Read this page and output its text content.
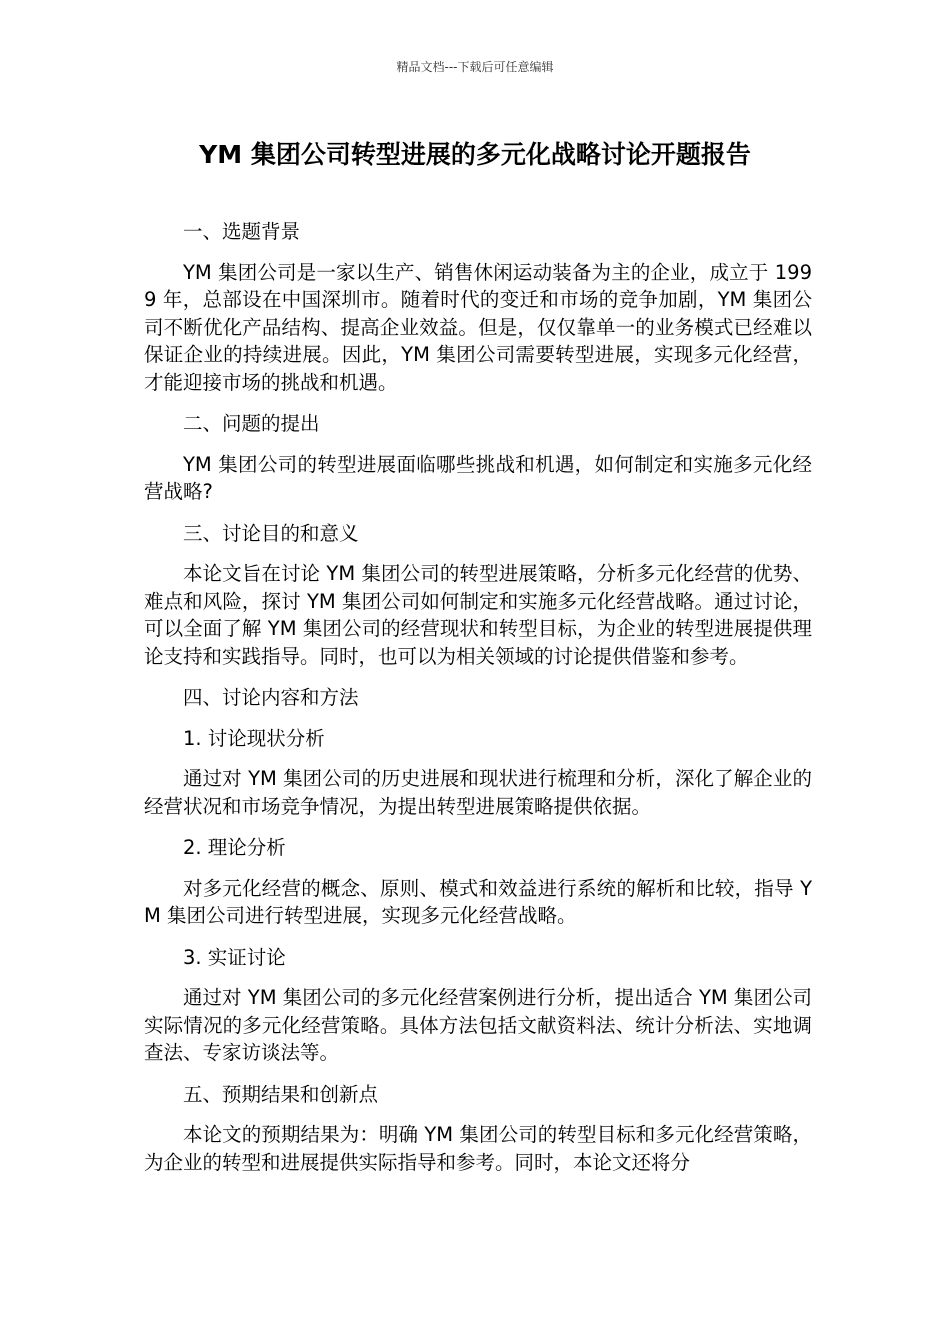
精品文档---下载后可任意编辑
YM 集团公司转型进展的多元化战略讨论开题报告

一、选题背景

YM 集团公司是一家以生产、销售休闲运动装备为主的企业，成立于 1999 年，总部设在中国深圳市。随着时代的变迁和市场的竞争加剧，YM 集团公司不断优化产品结构、提高企业效益。但是，仅仅靠单一的业务模式已经难以保证企业的持续进展。因此，YM 集团公司需要转型进展，实现多元化经营，才能迎接市场的挑战和机遇。

二、问题的提出

YM 集团公司的转型进展面临哪些挑战和机遇，如何制定和实施多元化经营战略?

三、讨论目的和意义

本论文旨在讨论 YM 集团公司的转型进展策略，分析多元化经营的优势、难点和风险，探讨 YM 集团公司如何制定和实施多元化经营战略。通过讨论，可以全面了解 YM 集团公司的经营现状和转型目标，为企业的转型进展提供理论支持和实践指导。同时，也可以为相关领域的讨论提供借鉴和参考。

四、讨论内容和方法

1. 讨论现状分析

通过对 YM 集团公司的历史进展和现状进行梳理和分析，深化了解企业的经营状况和市场竞争情况，为提出转型进展策略提供依据。

2. 理论分析

对多元化经营的概念、原则、模式和效益进行系统的解析和比较，指导 YM 集团公司进行转型进展，实现多元化经营战略。

3. 实证讨论

通过对 YM 集团公司的多元化经营案例进行分析，提出适合 YM 集团公司实际情况的多元化经营策略。具体方法包括文献资料法、统计分析法、实地调查法、专家访谈法等。

五、预期结果和创新点

本论文的预期结果为：明确 YM 集团公司的转型目标和多元化经营策略，为企业的转型和进展提供实际指导和参考。同时，本论文还将分
